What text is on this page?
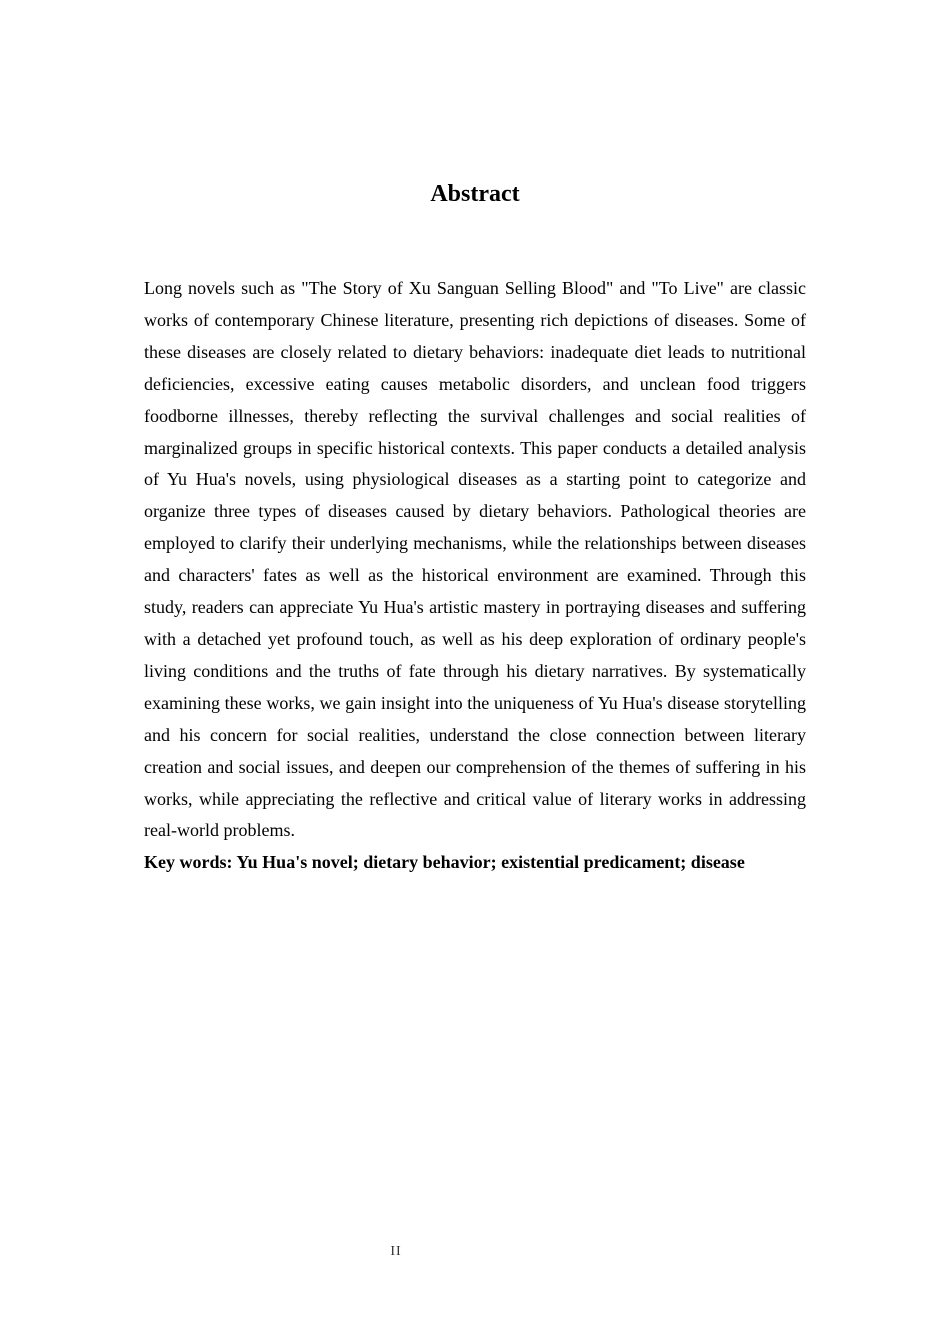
Abstract

Long novels such as "The Story of Xu Sanguan Selling Blood" and "To Live" are classic works of contemporary Chinese literature, presenting rich depictions of diseases. Some of these diseases are closely related to dietary behaviors: inadequate diet leads to nutritional deficiencies, excessive eating causes metabolic disorders, and unclean food triggers foodborne illnesses, thereby reflecting the survival challenges and social realities of marginalized groups in specific historical contexts. This paper conducts a detailed analysis of Yu Hua's novels, using physiological diseases as a starting point to categorize and organize three types of diseases caused by dietary behaviors. Pathological theories are employed to clarify their underlying mechanisms, while the relationships between diseases and characters' fates as well as the historical environment are examined. Through this study, readers can appreciate Yu Hua's artistic mastery in portraying diseases and suffering with a detached yet profound touch, as well as his deep exploration of ordinary people's living conditions and the truths of fate through his dietary narratives. By systematically examining these works, we gain insight into the uniqueness of Yu Hua's disease storytelling and his concern for social realities, understand the close connection between literary creation and social issues, and deepen our comprehension of the themes of suffering in his works, while appreciating the reflective and critical value of literary works in addressing real-world problems.

Key words: Yu Hua's novel; dietary behavior; existential predicament; disease

II
